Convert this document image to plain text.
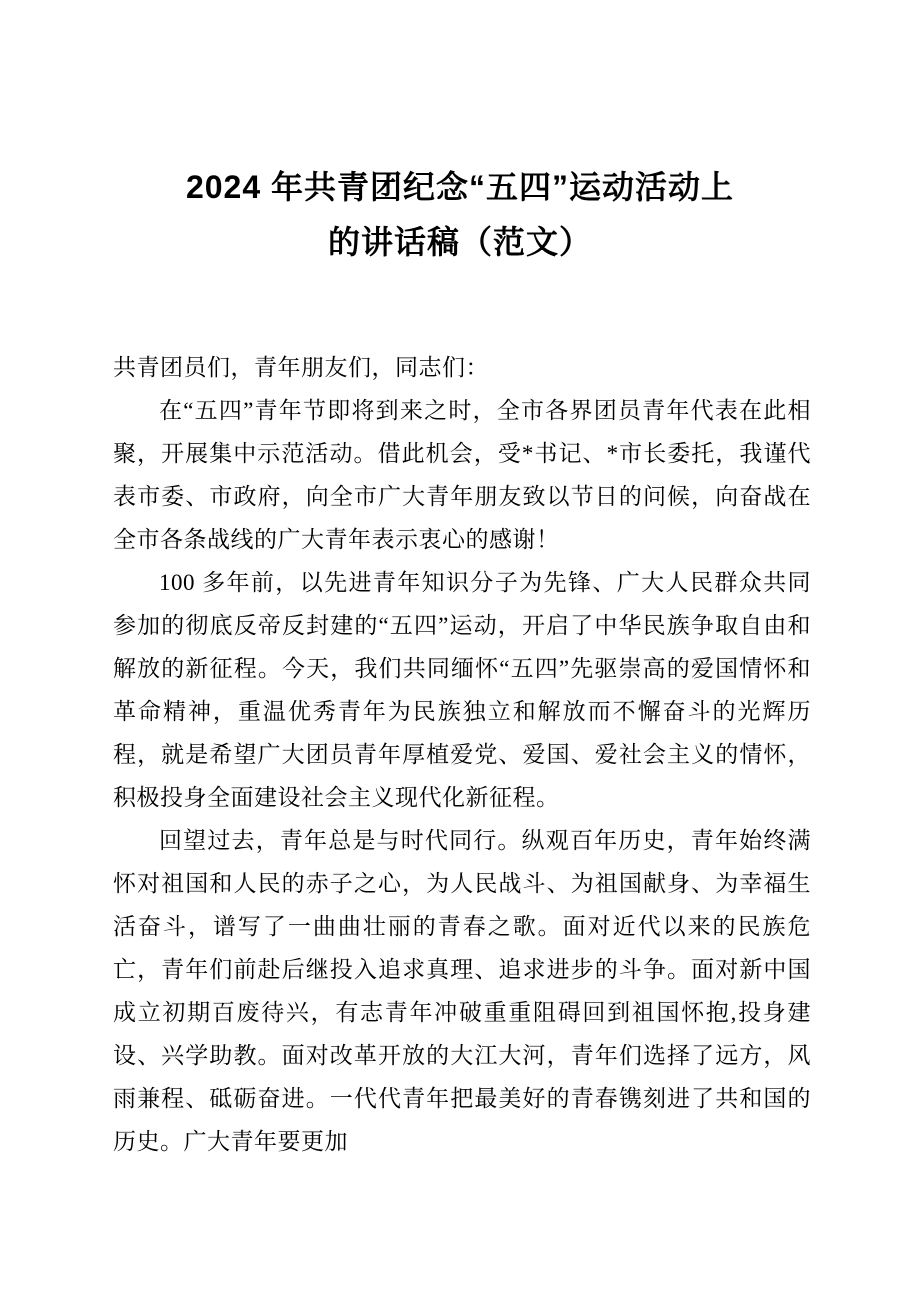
2024 年共青团纪念“五四”运动活动上
的讲话稿（范文）

共青团员们，青年朋友们，同志们：

在“五四”青年节即将到来之时，全市各界团员青年代表在此相聚，开展集中示范活动。借此机会，受*书记、*市长委托，我谨代表市委、市政府，向全市广大青年朋友致以节日的问候，向奋战在全市各条战线的广大青年表示衷心的感谢！

100 多年前，以先进青年知识分子为先锋、广大人民群众共同参加的彻底反帝反封建的“五四”运动，开启了中华民族争取自由和解放的新征程。今天，我们共同缅怀“五四”先驱崇高的爱国情怀和革命精神，重温优秀青年为民族独立和解放而不懈奋斗的光辉历程，就是希望广大团员青年厚植爱党、爱国、爱社会主义的情怀，积极投身全面建设社会主义现代化新征程。

回望过去，青年总是与时代同行。纵观百年历史，青年始终满怀对祖国和人民的赤子之心，为人民战斗、为祖国献身、为幸福生活奋斗，谱写了一曲曲壮丽的青春之歌。面对近代以来的民族危亡，青年们前赴后继投入追求真理、追求进步的斗争。面对新中国成立初期百废待兴，有志青年冲破重重阻碍回到祖国怀抱,投身建设、兴学助教。面对改革开放的大江大河，青年们选择了远方，风雨兼程、砥砺奋进。一代代青年把最美好的青春镌刻进了共和国的历史。广大青年要更加
